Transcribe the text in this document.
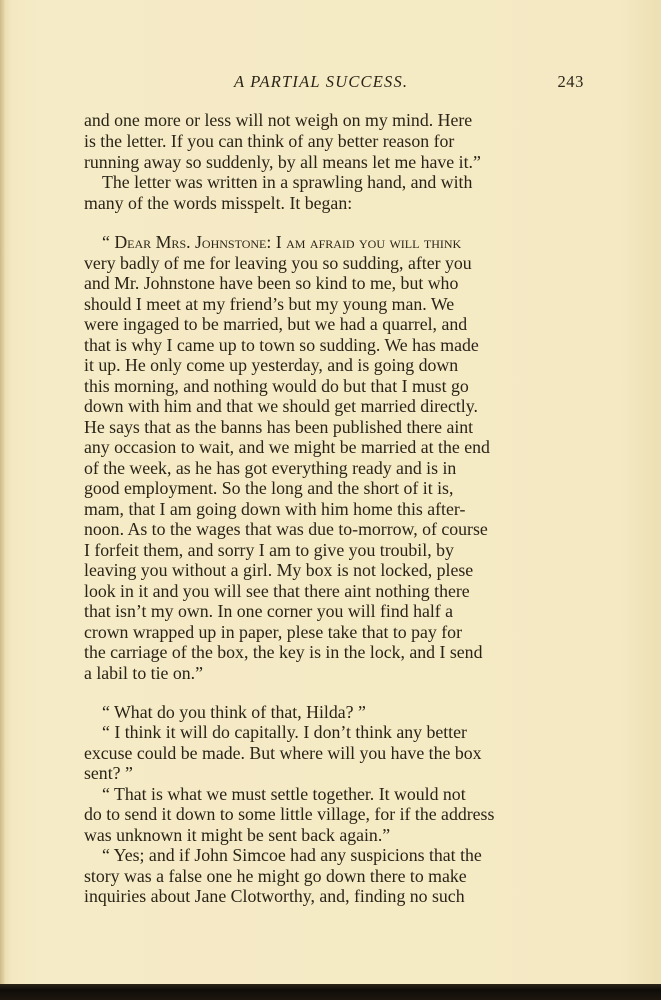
A PARTIAL SUCCESS.	243
and one more or less will not weigh on my mind. Here
is the letter. If you can think of any better reason for
running away so suddenly, by all means let me have it.”
The letter was written in a sprawling hand, and with
many of the words misspelt. It began:
“ Dear Mrs. Johnstone: I am afraid you will think
very badly of me for leaving you so sudding, after you
and Mr. Johnstone have been so kind to me, but who
should I meet at my friend’s but my young man. We
were ingaged to be married, but we had a quarrel, and
that is why I came up to town so sudding. We has made
it up. He only come up yesterday, and is going down
this morning, and nothing would do but that I must go
down with him and that we should get married directly.
He says that as the banns has been published there aint
any occasion to wait, and we might be married at the end
of the week, as he has got everything ready and is in
good employment. So the long and the short of it is,
mam, that I am going down with him home this after-
noon. As to the wages that was due to-morrow, of course
I forfeit them, and sorry I am to give you troubil, by
leaving you without a girl. My box is not locked, plese
look in it and you will see that there aint nothing there
that isn’t my own. In one corner you will find half a
crown wrapped up in paper, plese take that to pay for
the carriage of the box, the key is in the lock, and I send
a labil to tie on.”
“ What do you think of that, Hilda? ”
“ I think it will do capitally. I don’t think any better
excuse could be made. But where will you have the box
sent? ”
“ That is what we must settle together. It would not
do to send it down to some little village, for if the address
was unknown it might be sent back again.”
“ Yes; and if John Simcoe had any suspicions that the
story was a false one he might go down there to make
inquiries about Jane Clotworthy, and, finding no such
